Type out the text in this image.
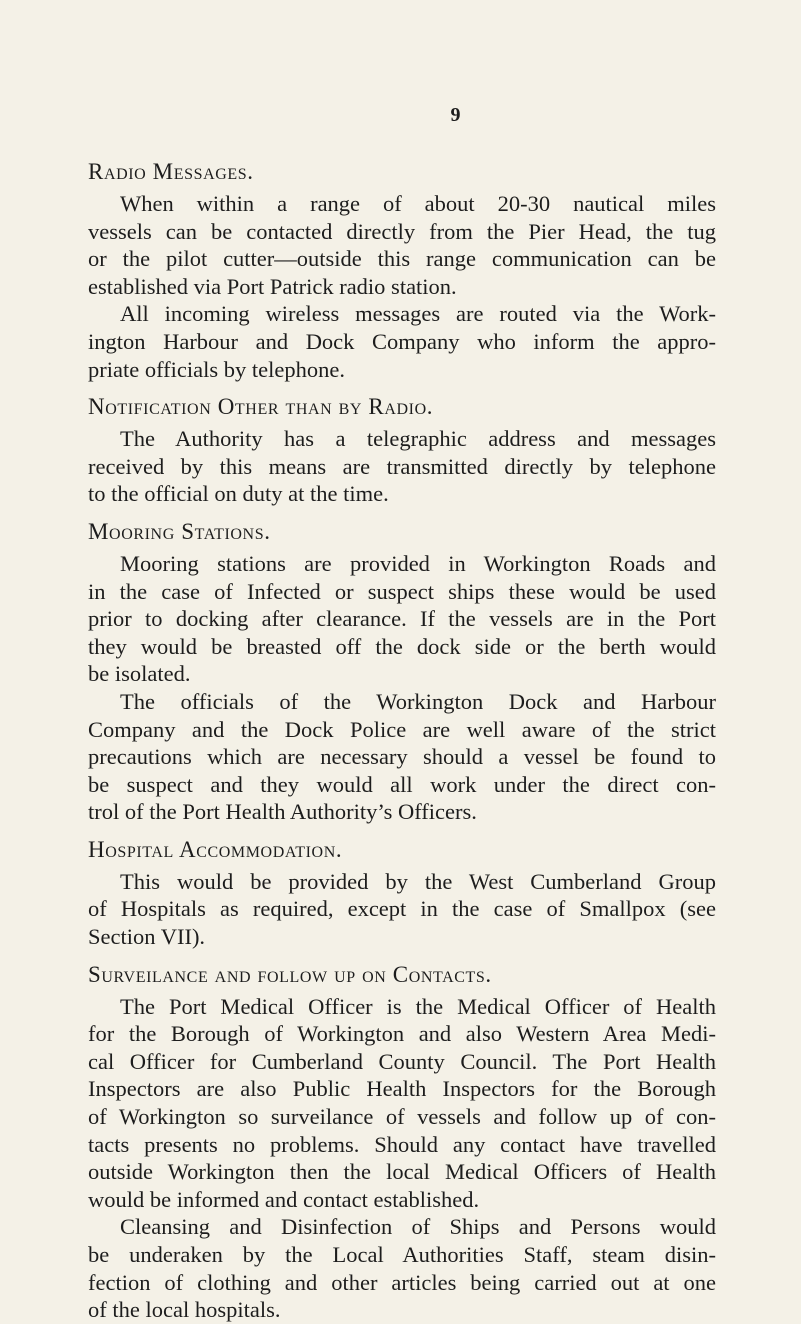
9
Radio Messages.
When within a range of about 20-30 nautical miles
vessels can be contacted directly from the Pier Head, the tug
or the pilot cutter—outside this range communication can be
established via Port Patrick radio station.
All incoming wireless messages are routed via the Work-
ington Harbour and Dock Company who inform the appro-
priate officials by telephone.
Notification Other than by Radio.
The Authority has a telegraphic address and messages
received by this means are transmitted directly by telephone
to the official on duty at the time.
Mooring Stations.
Mooring stations are provided in Workington Roads and
in the case of Infected or suspect ships these would be used
prior to docking after clearance. If the vessels are in the Port
they would be breasted off the dock side or the berth would
be isolated.
The officials of the Workington Dock and Harbour
Company and the Dock Police are well aware of the strict
precautions which are necessary should a vessel be found to
be suspect and they would all work under the direct con-
trol of the Port Health Authority’s Officers.
Hospital Accommodation.
This would be provided by the West Cumberland Group
of Hospitals as required, except in the case of Smallpox (see
Section VII).
Surveilance and follow up on Contacts.
The Port Medical Officer is the Medical Officer of Health
for the Borough of Workington and also Western Area Medi-
cal Officer for Cumberland County Council. The Port Health
Inspectors are also Public Health Inspectors for the Borough
of Workington so surveilance of vessels and follow up of con-
tacts presents no problems. Should any contact have travelled
outside Workington then the local Medical Officers of Health
would be informed and contact established.
Cleansing and Disinfection of Ships and Persons would
be underaken by the Local Authorities Staff, steam disin-
fection of clothing and other articles being carried out at one
of the local hospitals.
